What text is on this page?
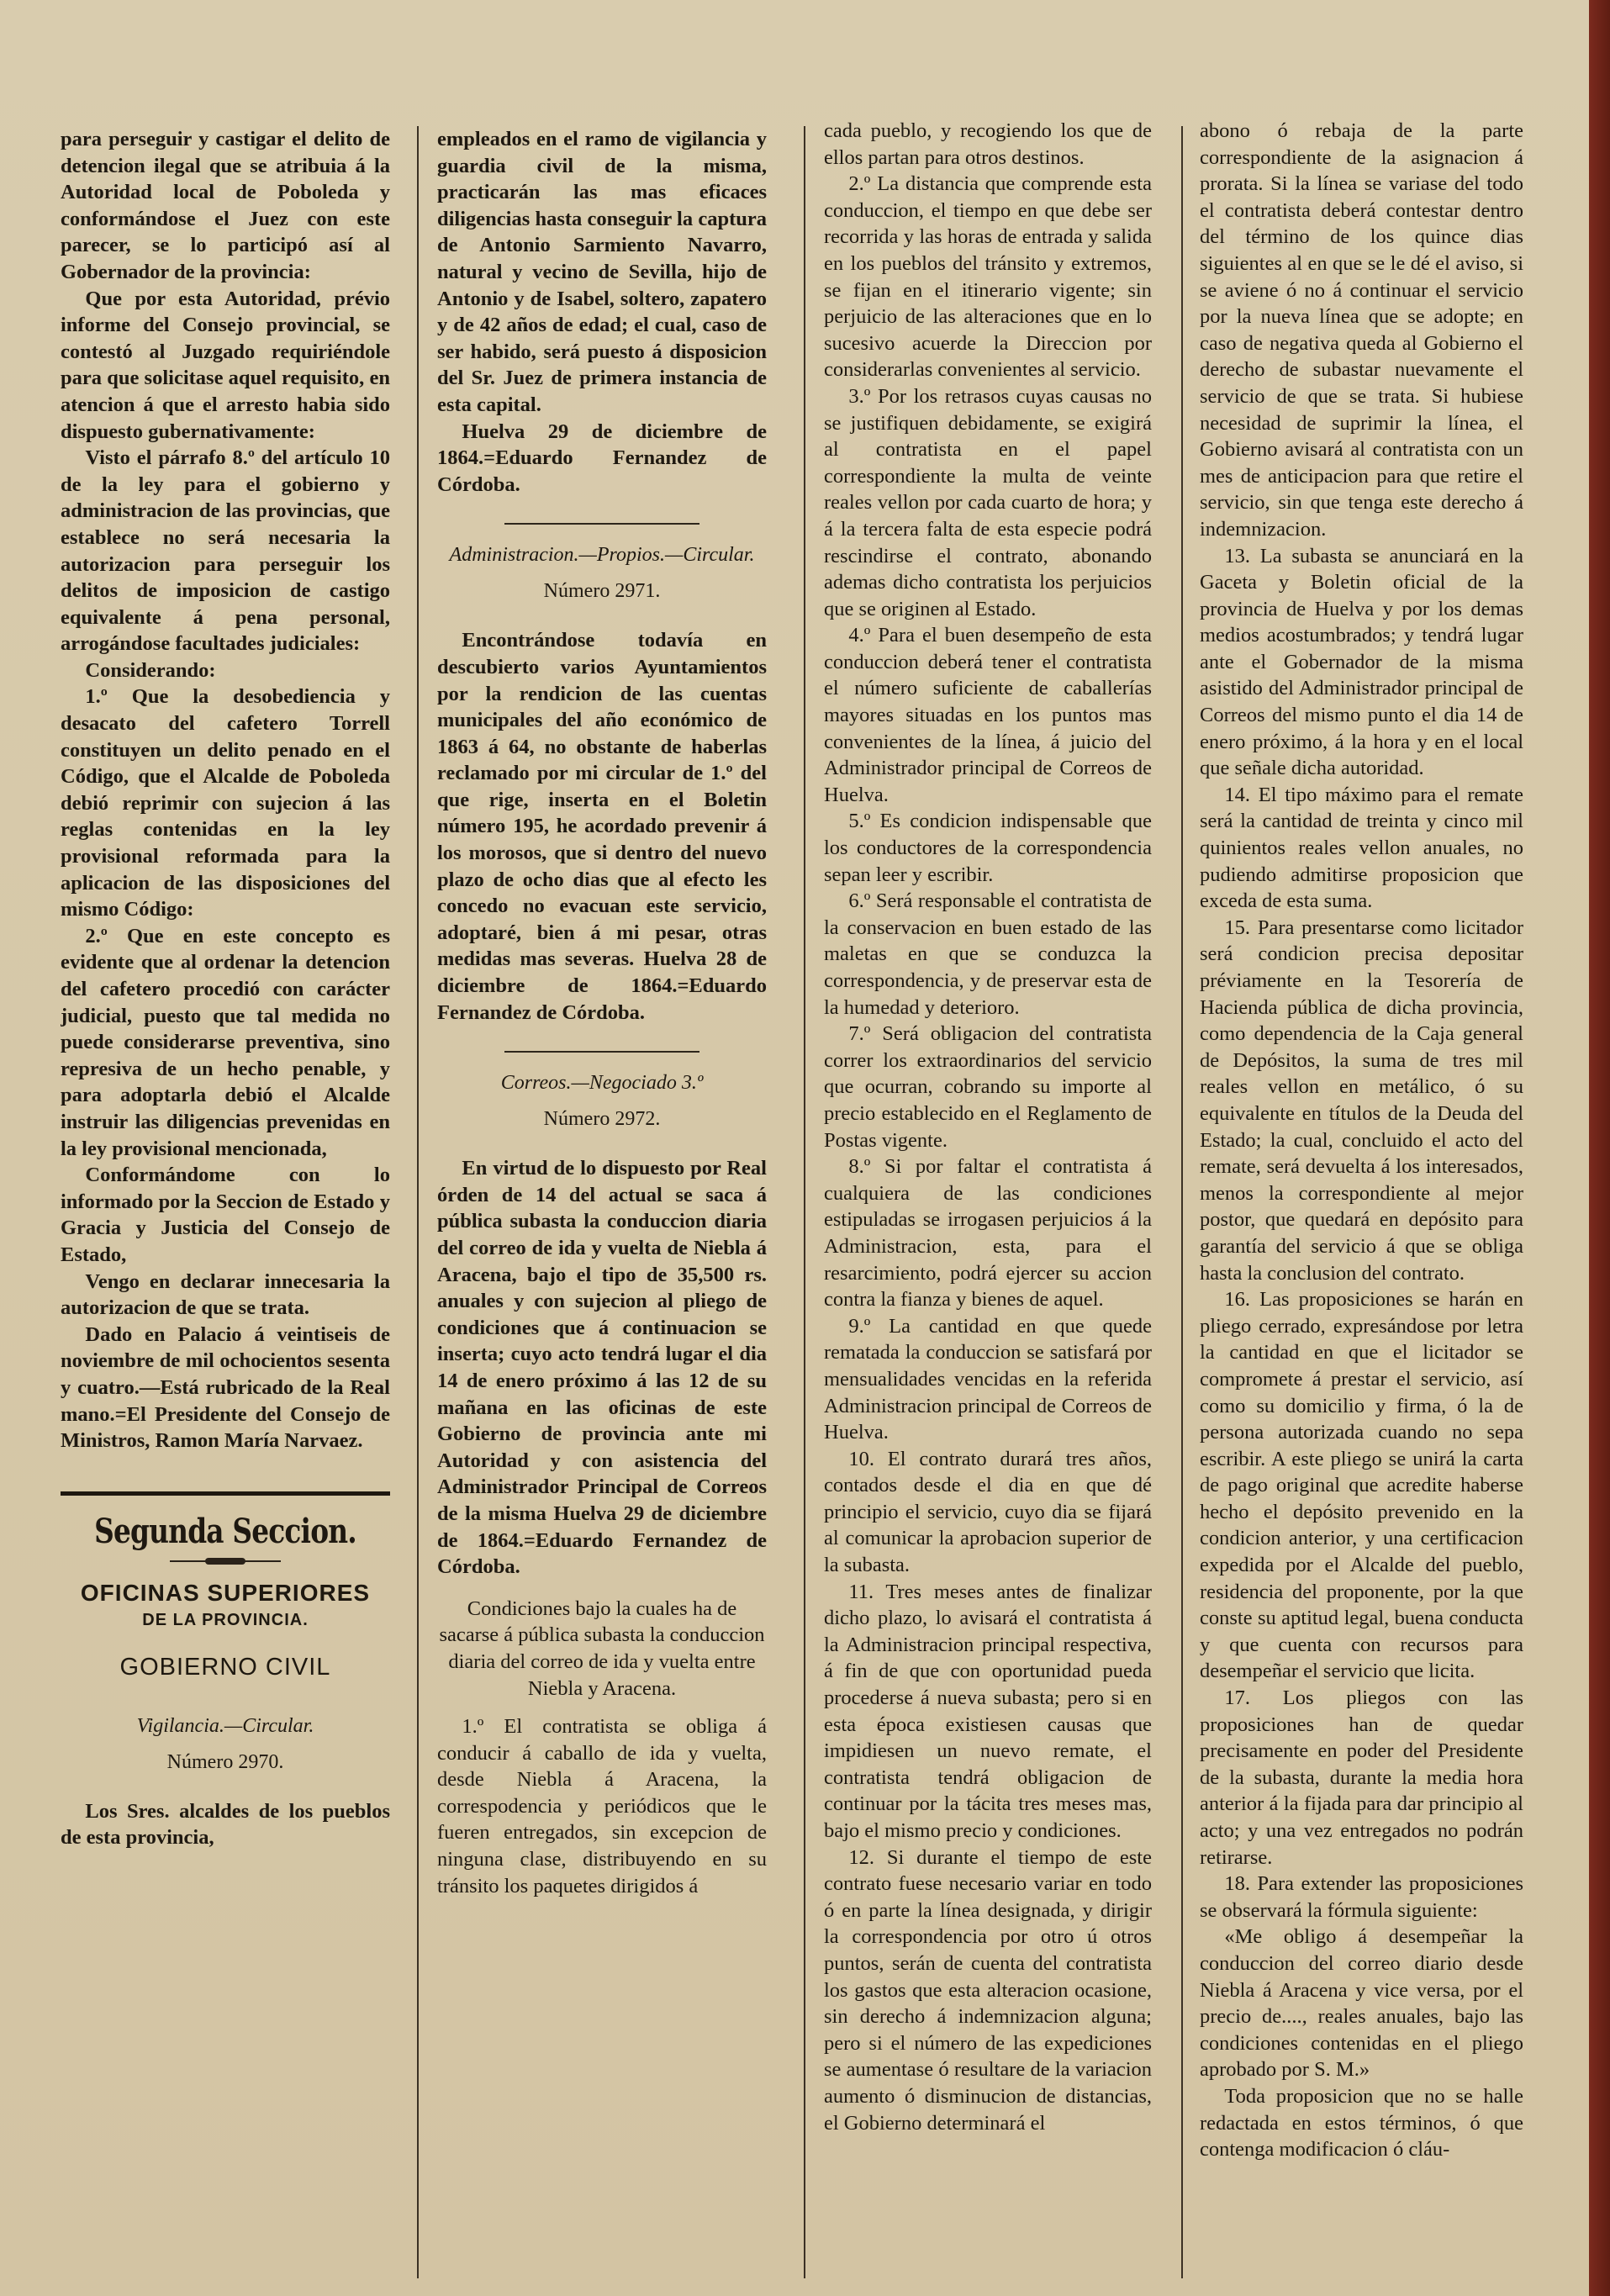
para perseguir y castigar el delito de detencion ilegal que se atribuia á la Autoridad local de Poboleda y conformándose el Juez con este parecer, se lo participó así al Gobernador de la provincia:

Que por esta Autoridad, prévio informe del Consejo provincial, se contestó al Juzgado requiriéndole para que solicitase aquel requisito, en atencion á que el arresto habia sido dispuesto gubernativamente:

Visto el párrafo 8.º del artículo 10 de la ley para el gobierno y administracion de las provincias, que establece no será necesaria la autorizacion para perseguir los delitos de imposicion de castigo equivalente á pena personal, arrogándose facultades judiciales:

Considerando:

1.º Que la desobediencia y desacato del cafetero Torrell constituyen un delito penado en el Código, que el Alcalde de Poboleda debió reprimir con sujecion á las reglas contenidas en la ley provisional reformada para la aplicacion de las disposiciones del mismo Código:

2.º Que en este concepto es evidente que al ordenar la detencion del cafetero procedió con carácter judicial, puesto que tal medida no puede considerarse preventiva, sino represiva de un hecho penable, y para adoptarla debió el Alcalde instruir las diligencias prevenidas en la ley provisional mencionada,

Conformándome con lo informado por la Seccion de Estado y Gracia y Justicia del Consejo de Estado,

Vengo en declarar innecesaria la autorizacion de que se trata.

Dado en Palacio á veintiseis de noviembre de mil ochocientos sesenta y cuatro.—Está rubricado de la Real mano.=El Presidente del Consejo de Ministros, Ramon María Narvaez.

Segunda Seccion.
OFICINAS SUPERIORES
DE LA PROVINCIA.
GOBIERNO CIVIL
Vigilancia.—Circular.
Número 2970.

Los Sres. alcaldes de los pueblos de esta provincia,

empleados en el ramo de vigilancia y guardia civil de la misma, practicarán las mas eficaces diligencias hasta conseguir la captura de Antonio Sarmiento Navarro, natural y vecino de Sevilla, hijo de Antonio y de Isabel, soltero, zapatero y de 42 años de edad; el cual, caso de ser habido, será puesto á disposicion del Sr. Juez de primera instancia de esta capital.

Huelva 29 de diciembre de 1864.=Eduardo Fernandez de Córdoba.

Administracion.—Propios.—Circular.
Número 2971.

Encontrándose todavía en descubierto varios Ayuntamientos por la rendicion de las cuentas municipales del año económico de 1863 á 64, no obstante de haberlas reclamado por mi circular de 1.º del que rige, inserta en el Boletin número 195, he acordado prevenir á los morosos, que si dentro del nuevo plazo de ocho dias que al efecto les concedo no evacuan este servicio, adoptaré, bien á mi pesar, otras medidas mas severas. Huelva 28 de diciembre de 1864.=Eduardo Fernandez de Córdoba.

Correos.—Negociado 3.º
Número 2972.

En virtud de lo dispuesto por Real órden de 14 del actual se saca á pública subasta la conduccion diaria del correo de ida y vuelta de Niebla á Aracena, bajo el tipo de 35,500 rs. anuales y con sujecion al pliego de condiciones que á continuacion se inserta; cuyo acto tendrá lugar el dia 14 de enero próximo á las 12 de su mañana en las oficinas de este Gobierno de provincia ante mi Autoridad y con asistencia del Administrador Principal de Correos de la misma Huelva 29 de diciembre de 1864.=Eduardo Fernandez de Córdoba.

Condiciones bajo la cuales ha de sacarse á pública subasta la conduccion diaria del correo de ida y vuelta entre Niebla y Aracena.

1.º El contratista se obliga á conducir á caballo de ida y vuelta, desde Niebla á Aracena, la correspodencia y periódicos que le fueren entregados, sin excepcion de ninguna clase, distribuyendo en su tránsito los paquetes dirigidos á

cada pueblo, y recogiendo los que de ellos partan para otros destinos.

2.º La distancia que comprende esta conduccion, el tiempo en que debe ser recorrida y las horas de entrada y salida en los pueblos del tránsito y extremos, se fijan en el itinerario vigente; sin perjuicio de las alteraciones que en lo sucesivo acuerde la Direccion por considerarlas convenientes al servicio.

3.º Por los retrasos cuyas causas no se justifiquen debidamente, se exigirá al contratista en el papel correspondiente la multa de veinte reales vellon por cada cuarto de hora; y á la tercera falta de esta especie podrá rescindirse el contrato, abonando ademas dicho contratista los perjuicios que se originen al Estado.

4.º Para el buen desempeño de esta conduccion deberá tener el contratista el número suficiente de caballerías mayores situadas en los puntos mas convenientes de la línea, á juicio del Administrador principal de Correos de Huelva.

5.º Es condicion indispensable que los conductores de la correspondencia sepan leer y escribir.

6.º Será responsable el contratista de la conservacion en buen estado de las maletas en que se conduzca la correspondencia, y de preservar esta de la humedad y deterioro.

7.º Será obligacion del contratista correr los extraordinarios del servicio que ocurran, cobrando su importe al precio establecido en el Reglamento de Postas vigente.

8.º Si por faltar el contratista á cualquiera de las condiciones estipuladas se irrogasen perjuicios á la Administracion, esta, para el resarcimiento, podrá ejercer su accion contra la fianza y bienes de aquel.

9.º La cantidad en que quede rematada la conduccion se satisfará por mensualidades vencidas en la referida Administracion principal de Correos de Huelva.

10. El contrato durará tres años, contados desde el dia en que dé principio el servicio, cuyo dia se fijará al comunicar la aprobacion superior de la subasta.

11. Tres meses antes de finalizar dicho plazo, lo avisará el contratista á la Administracion principal respectiva, á fin de que con oportunidad pueda procederse á nueva subasta; pero si en esta época existiesen causas que impidiesen un nuevo remate, el contratista tendrá obligacion de continuar por la tácita tres meses mas, bajo el mismo precio y condiciones.

12. Si durante el tiempo de este contrato fuese necesario variar en todo ó en parte la línea designada, y dirigir la correspondencia por otro ú otros puntos, serán de cuenta del contratista los gastos que esta alteracion ocasione, sin derecho á indemnizacion alguna; pero si el número de las expediciones se aumentase ó resultare de la variacion aumento ó disminucion de distancias, el Gobierno determinará el

abono ó rebaja de la parte correspondiente de la asignacion á prorata. Si la línea se variase del todo el contratista deberá contestar dentro del término de los quince dias siguientes al en que se le dé el aviso, si se aviene ó no á continuar el servicio por la nueva línea que se adopte; en caso de negativa queda al Gobierno el derecho de subastar nuevamente el servicio de que se trata. Si hubiese necesidad de suprimir la línea, el Gobierno avisará al contratista con un mes de anticipacion para que retire el servicio, sin que tenga este derecho á indemnizacion.

13. La subasta se anunciará en la Gaceta y Boletin oficial de la provincia de Huelva y por los demas medios acostumbrados; y tendrá lugar ante el Gobernador de la misma asistido del Administrador principal de Correos del mismo punto el dia 14 de enero próximo, á la hora y en el local que señale dicha autoridad.

14. El tipo máximo para el remate será la cantidad de treinta y cinco mil quinientos reales vellon anuales, no pudiendo admitirse proposicion que exceda de esta suma.

15. Para presentarse como licitador será condicion precisa depositar préviamente en la Tesorería de Hacienda pública de dicha provincia, como dependencia de la Caja general de Depósitos, la suma de tres mil reales vellon en metálico, ó su equivalente en títulos de la Deuda del Estado; la cual, concluido el acto del remate, será devuelta á los interesados, menos la correspondiente al mejor postor, que quedará en depósito para garantía del servicio á que se obliga hasta la conclusion del contrato.

16. Las proposiciones se harán en pliego cerrado, expresándose por letra la cantidad en que el licitador se compromete á prestar el servicio, así como su domicilio y firma, ó la de persona autorizada cuando no sepa escribir. A este pliego se unirá la carta de pago original que acredite haberse hecho el depósito prevenido en la condicion anterior, y una certificacion expedida por el Alcalde del pueblo, residencia del proponente, por la que conste su aptitud legal, buena conducta y que cuenta con recursos para desempeñar el servicio que licita.

17. Los pliegos con las proposiciones han de quedar precisamente en poder del Presidente de la subasta, durante la media hora anterior á la fijada para dar principio al acto; y una vez entregados no podrán retirarse.

18. Para extender las proposiciones se observará la fórmula siguiente:

«Me obligo á desempeñar la conduccion del correo diario desde Niebla á Aracena y vice versa, por el precio de...., reales anuales, bajo las condiciones contenidas en el pliego aprobado por S. M.»

Toda proposicion que no se halle redactada en estos términos, ó que contenga modificacion ó cláu-
